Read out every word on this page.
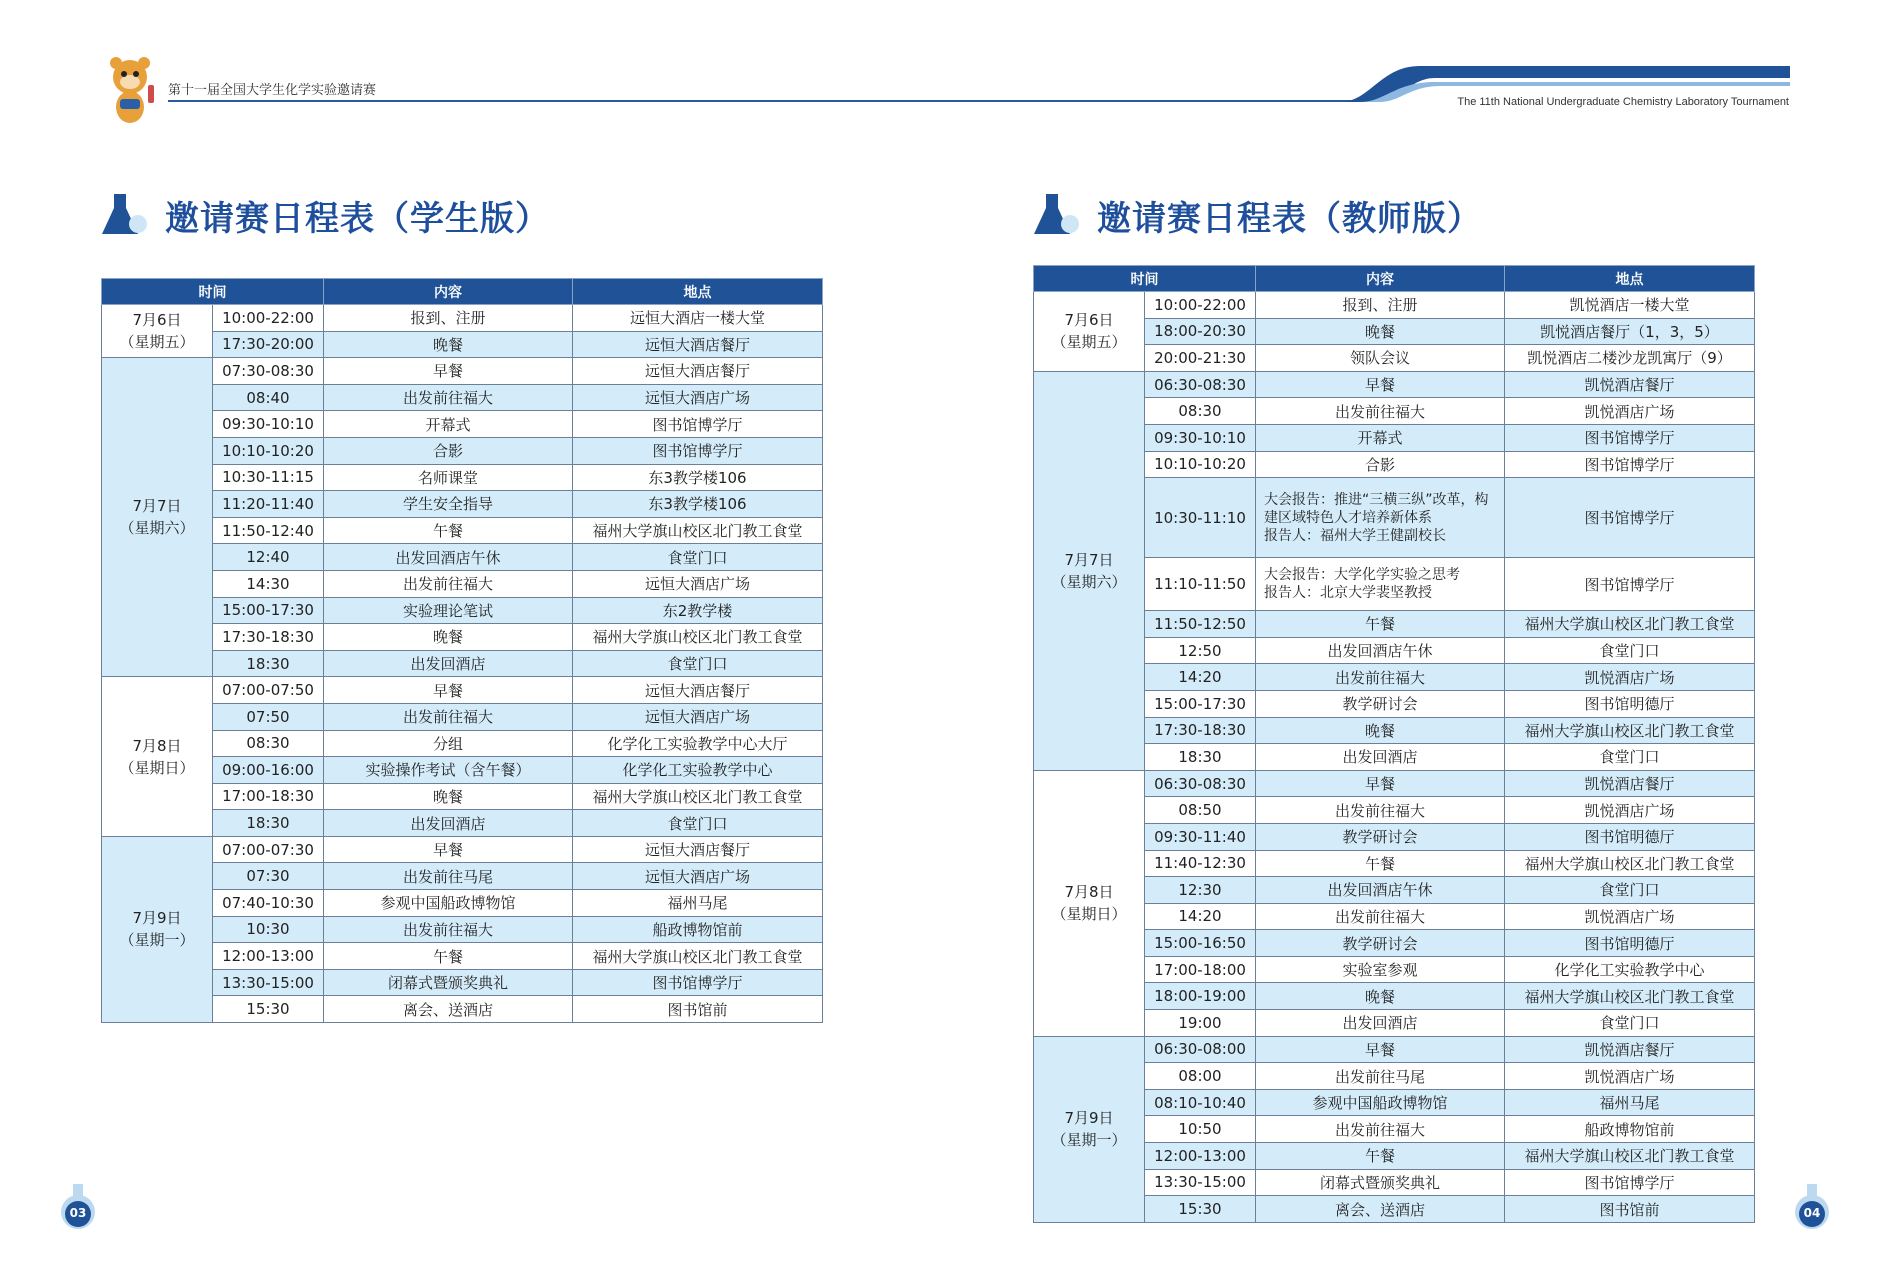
第十一届全国大学生化学实验邀请赛
The 11th National Undergraduate Chemistry Laboratory Tournament
邀请赛日程表（学生版）	邀请赛日程表（教师版）
时间		内容	地点

7月6日
（星期五）	10:00-22:00	报到、注册	远恒大酒店一楼大堂
	17:30-20:00	晚餐	远恒大酒店餐厅

7月7日
（星期六）	07:30-08:30	早餐	远恒大酒店餐厅
	08:40	出发前往福大	远恒大酒店广场
	09:30-10:10	开幕式	图书馆博学厅
	10:10-10:20	合影	图书馆博学厅
	10:30-11:15	名师课堂	东3教学楼106
	11:20-11:40	学生安全指导	东3教学楼106
	11:50-12:40	午餐	福州大学旗山校区北门教工食堂
	12:40	出发回酒店午休	食堂门口
	14:30	出发前往福大	远恒大酒店广场
	15:00-17:30	实验理论笔试	东2教学楼
	17:30-18:30	晚餐	福州大学旗山校区北门教工食堂
	18:30	出发回酒店	食堂门口

7月8日
（星期日）	07:00-07:50	早餐	远恒大酒店餐厅
	07:50	出发前往福大	远恒大酒店广场
	08:30	分组	化学化工实验教学中心大厅
	09:00-16:00	实验操作考试（含午餐）	化学化工实验教学中心
	17:00-18:30	晚餐	福州大学旗山校区北门教工食堂
	18:30	出发回酒店	食堂门口

7月9日
（星期一）	07:00-07:30	早餐	远恒大酒店餐厅
	07:30	出发前往马尾	远恒大酒店广场
	07:40-10:30	参观中国船政博物馆	福州马尾
	10:30	出发前往福大	船政博物馆前
	12:00-13:00	午餐	福州大学旗山校区北门教工食堂
	13:30-15:00	闭幕式暨颁奖典礼	图书馆博学厅
	15:30	离会、送酒店	图书馆前
时间		内容	地点

7月6日
（星期五）	10:00-22:00	报到、注册	凯悦酒店一楼大堂
	18:00-20:30	晚餐	凯悦酒店餐厅（1，3，5）
	20:00-21:30	领队会议	凯悦酒店二楼沙龙凯寓厅（9）

7月7日
（星期六）	06:30-08:30	早餐	凯悦酒店餐厅
	08:30	出发前往福大	凯悦酒店广场
	09:30-10:10	开幕式	图书馆博学厅
	10:10-10:20	合影	图书馆博学厅
	10:30-11:10	大会报告：推进“三横三纵”改革，构建区域特色人才培养新体系
报告人：福州大学王健副校长	图书馆博学厅
	11:10-11:50	大会报告：大学化学实验之思考
报告人：北京大学裴坚教授	图书馆博学厅
	11:50-12:50	午餐	福州大学旗山校区北门教工食堂
	12:50	出发回酒店午休	食堂门口
	14:20	出发前往福大	凯悦酒店广场
	15:00-17:30	教学研讨会	图书馆明德厅
	17:30-18:30	晚餐	福州大学旗山校区北门教工食堂
	18:30	出发回酒店	食堂门口

7月8日
（星期日）	06:30-08:30	早餐	凯悦酒店餐厅
	08:50	出发前往福大	凯悦酒店广场
	09:30-11:40	教学研讨会	图书馆明德厅
	11:40-12:30	午餐	福州大学旗山校区北门教工食堂
	12:30	出发回酒店午休	食堂门口
	14:20	出发前往福大	凯悦酒店广场
	15:00-16:50	教学研讨会	图书馆明德厅
	17:00-18:00	实验室参观	化学化工实验教学中心
	18:00-19:00	晚餐	福州大学旗山校区北门教工食堂
	19:00	出发回酒店	食堂门口

7月9日
（星期一）	06:30-08:00	早餐	凯悦酒店餐厅
	08:00	出发前往马尾	凯悦酒店广场
	08:10-10:40	参观中国船政博物馆	福州马尾
	10:50	出发前往福大	船政博物馆前
	12:00-13:00	午餐	福州大学旗山校区北门教工食堂
	13:30-15:00	闭幕式暨颁奖典礼	图书馆博学厅
	15:30	离会、送酒店	图书馆前
03	04
